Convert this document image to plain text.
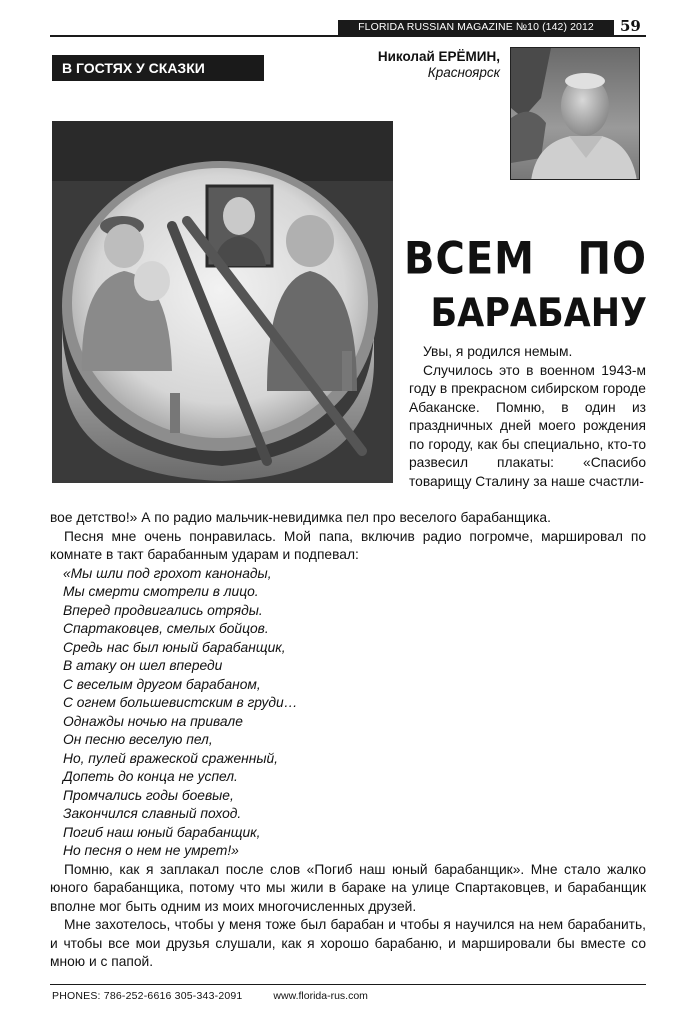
FLORIDA RUSSIAN MAGAZINE №10 (142) 2012	59
В ГОСТЯХ У СКАЗКИ
Николай ЕРЁМИН,
Красноярск
ВСЕМ ПО
БАРАБАНУ

Увы, я родился немым.

Случилось это в военном 1943-м году в прекрасном сибирском городе Абаканске. Помню, в один из праздничных дней моего рождения по городу, как бы специально, кто-то развесил плакаты: «Спасибо товарищу Сталину за наше счастли-

вое детство!» А по радио мальчик-невидимка пел про веселого барабанщика.

Песня мне очень понравилась. Мой папа, включив радио погромче, маршировал по комнате в такт барабанным ударам и подпевал:

«Мы шли под грохот канонады,
Мы смерти смотрели в лицо.
Вперед продвигались отряды.
Спартаковцев, смелых бойцов.
Средь нас был юный барабанщик,
В атаку он шел впереди
С веселым другом барабаном,
С огнем большевистским в груди…
Однажды ночью на привале
Он песню веселую пел,
Но, пулей вражеской сраженный,
Допеть до конца не успел.
Промчались годы боевые,
Закончился славный поход.
Погиб наш юный барабанщик,
Но песня о нем не умрет!»

Помню, как я заплакал после слов «Погиб наш юный барабанщик». Мне стало жалко юного барабанщика, потому что мы жили в бараке на улице Спартаковцев, и барабанщик вполне мог быть одним из моих многочисленных друзей.

Мне захотелось, чтобы у меня тоже был барабан и чтобы я научился на нем барабанить, и чтобы все мои друзья слушали, как я хорошо барабаню, и маршировали бы вместе со мною и с папой.

PHONES: 786-252-6616 305-343-2091	www.florida-rus.com
